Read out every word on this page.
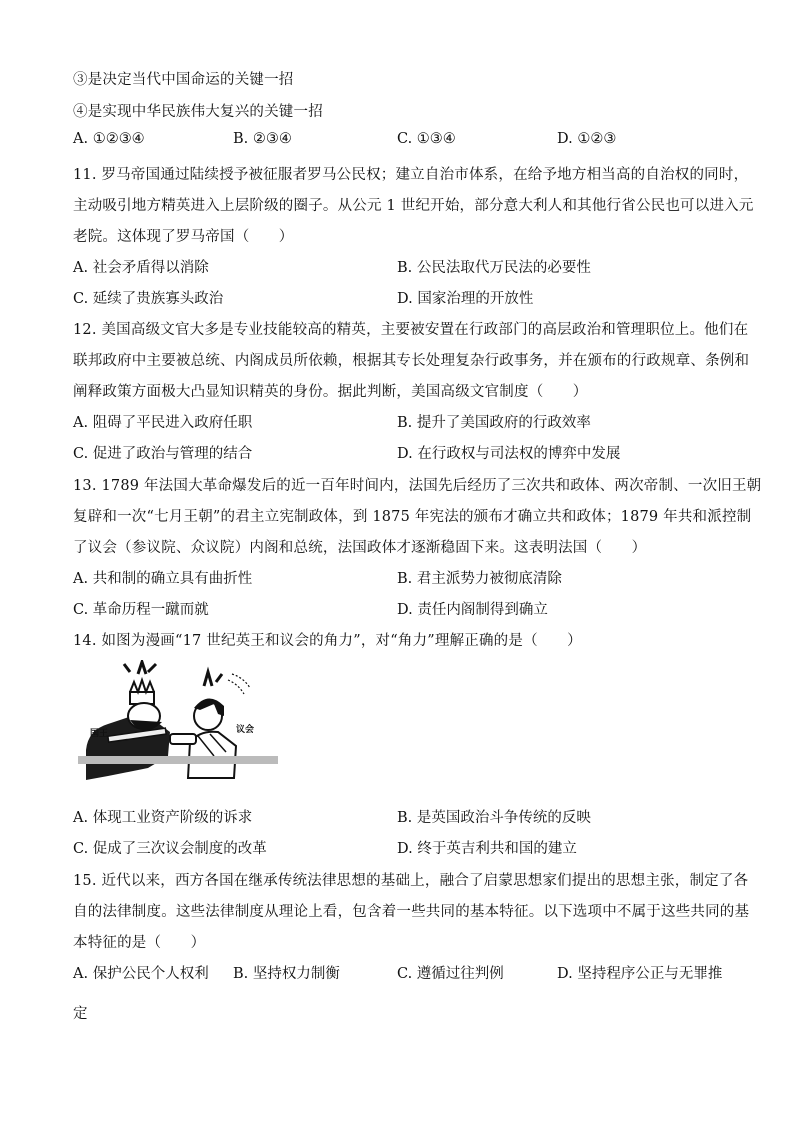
③是决定当代中国命运的关键一招
④是实现中华民族伟大复兴的关键一招
A. ①②③④	B. ②③④	C. ①③④	D. ①②③
11. 罗马帝国通过陆续授予被征服者罗马公民权；建立自治市体系，在给予地方相当高的自治权的同时，
主动吸引地方精英进入上层阶级的圈子。从公元 1 世纪开始，部分意大利人和其他行省公民也可以进入元
老院。这体现了罗马帝国（　　）
A. 社会矛盾得以消除	B. 公民法取代万民法的必要性
C. 延续了贵族寡头政治	D. 国家治理的开放性
12. 美国高级文官大多是专业技能较高的精英，主要被安置在行政部门的高层政治和管理职位上。他们在
联邦政府中主要被总统、内阁成员所依赖，根据其专长处理复杂行政事务，并在颁布的行政规章、条例和
阐释政策方面极大凸显知识精英的身份。据此判断，美国高级文官制度（　　）
A. 阻碍了平民进入政府任职	B. 提升了美国政府的行政效率
C. 促进了政治与管理的结合	D. 在行政权与司法权的博弈中发展
13. 1789 年法国大革命爆发后的近一百年时间内，法国先后经历了三次共和政体、两次帝制、一次旧王朝
复辟和一次“七月王朝”的君主立宪制政体，到 1875 年宪法的颁布才确立共和政体；1879 年共和派控制
了议会（参议院、众议院）内阁和总统，法国政体才逐渐稳固下来。这表明法国（　　）
A. 共和制的确立具有曲折性	B. 君主派势力被彻底清除
C. 革命历程一蹴而就	D. 责任内阁制得到确立
14. 如图为漫画“17 世纪英王和议会的角力”，对“角力”理解正确的是（　　）
国王	议会
A. 体现工业资产阶级的诉求	B. 是英国政治斗争传统的反映
C. 促成了三次议会制度的改革	D. 终于英吉利共和国的建立
15. 近代以来，西方各国在继承传统法律思想的基础上，融合了启蒙思想家们提出的思想主张，制定了各
自的法律制度。这些法律制度从理论上看，包含着一些共同的基本特征。以下选项中不属于这些共同的基
本特征的是（　　）
A. 保护公民个人权利 B. 坚持权力制衡	C. 遵循过往判例	D. 坚持程序公正与无罪推
定
